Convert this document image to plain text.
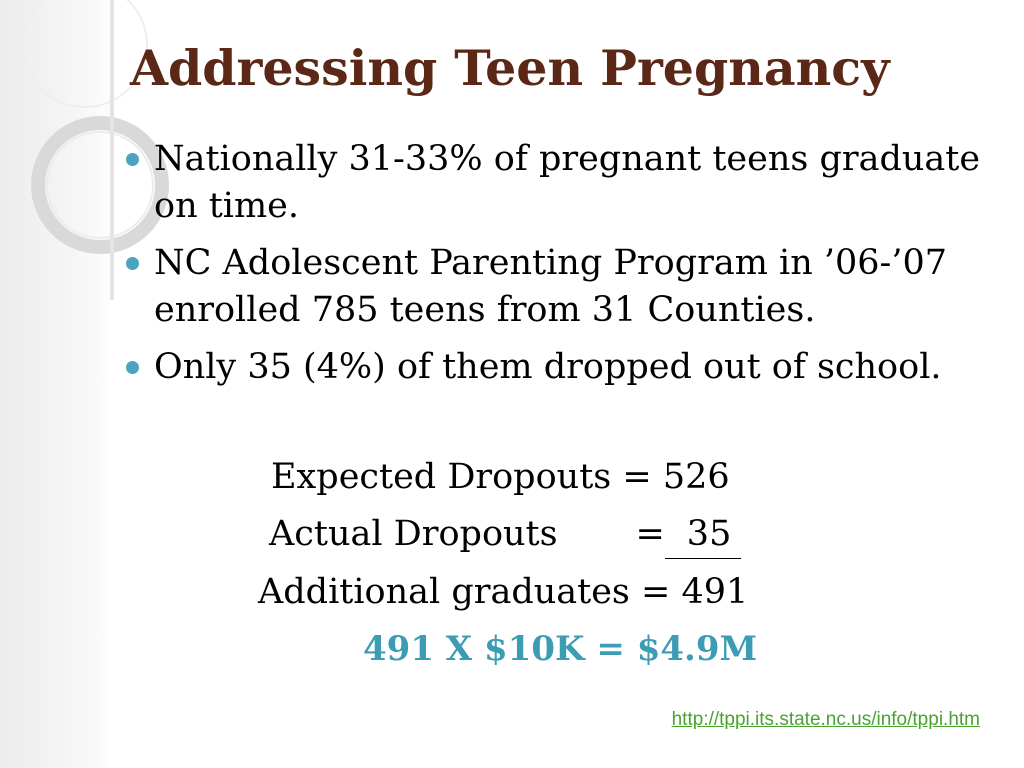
Addressing Teen Pregnancy
Nationally 31-33% of pregnant teens graduate on time.
NC Adolescent Parenting Program in ’06-’07 enrolled 785 teens from 31 Counties.
Only 35 (4%) of them dropped out of school.
Expected Dropouts = 526
Actual Dropouts       = 35
Additional graduates = 491
491 X $10K = $4.9M
http://tppi.its.state.nc.us/info/tppi.htm
